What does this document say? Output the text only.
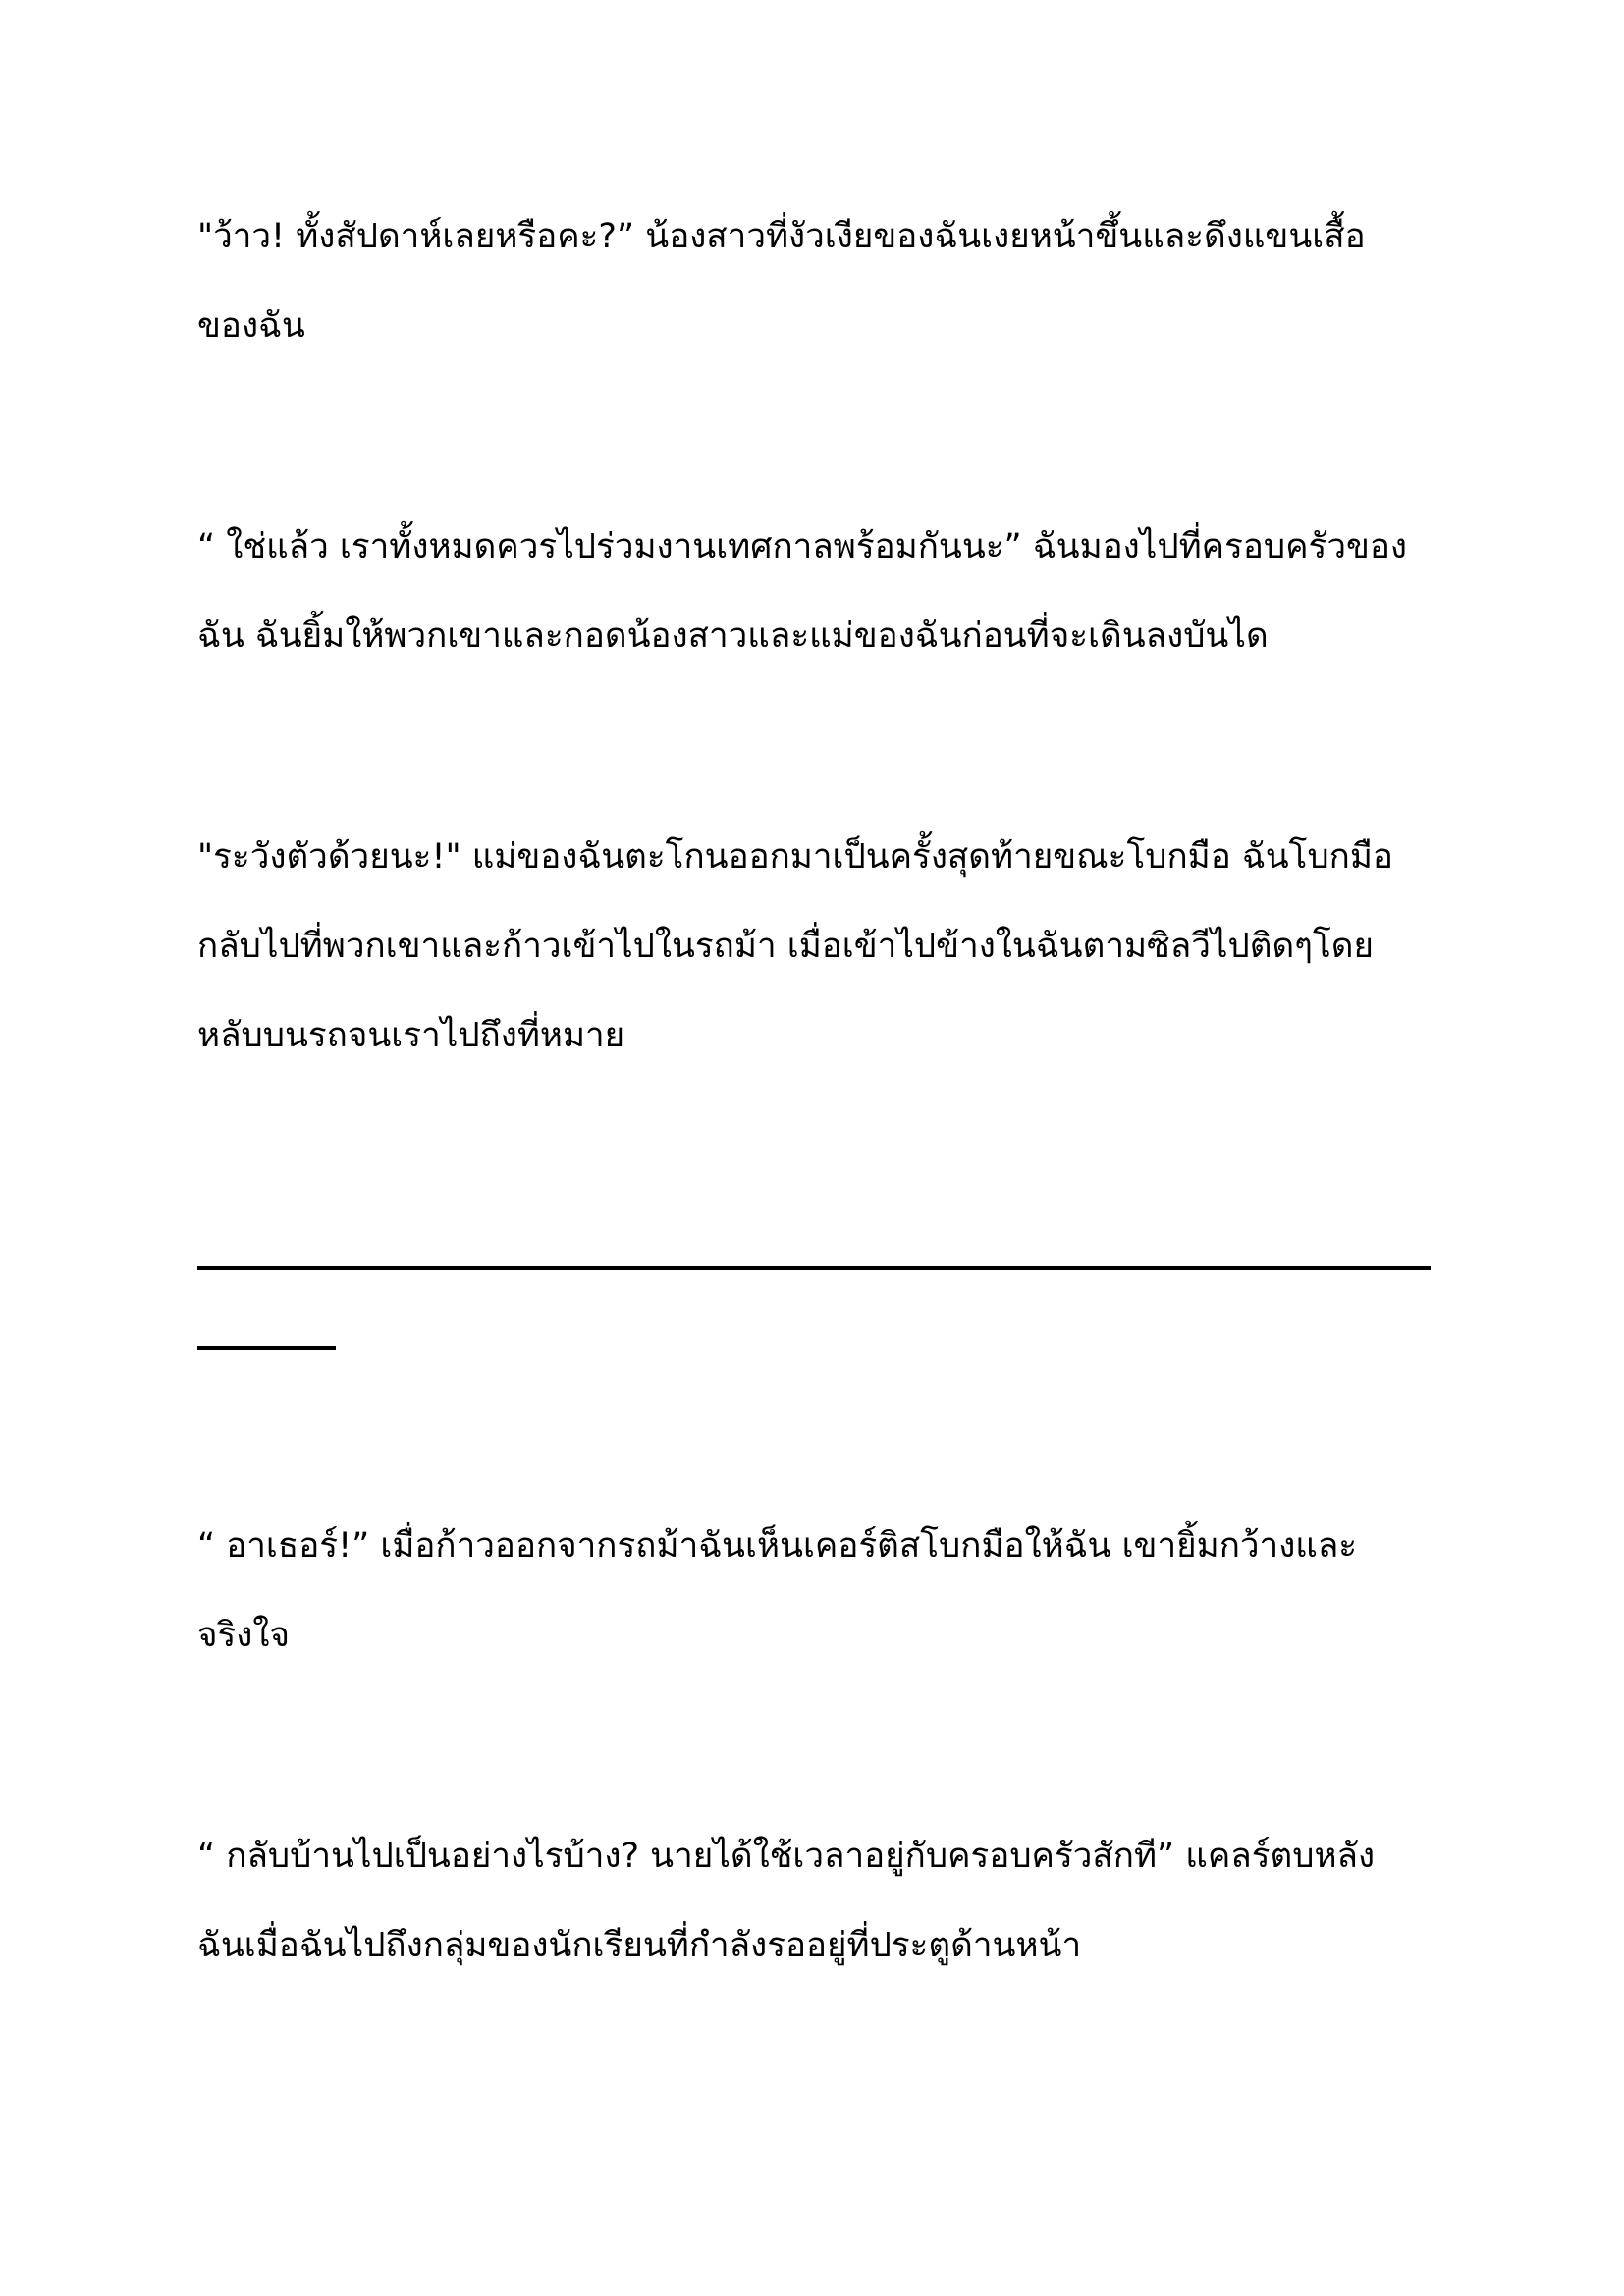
"ว้าว! ทั้งสัปดาห์เลยหรือคะ?” น้องสาวที่งัวเงียของฉันเงยหน้าขึ้นและดึงแขนเสื้อ
ของฉัน

“ ใช่แล้ว เราทั้งหมดควรไปร่วมงานเทศกาลพร้อมกันนะ” ฉันมองไปที่ครอบครัวของ
ฉัน ฉันยิ้มให้พวกเขาและกอดน้องสาวและแม่ของฉันก่อนที่จะเดินลงบันได

"ระวังตัวด้วยนะ!" แม่ของฉันตะโกนออกมาเป็นครั้งสุดท้ายขณะโบกมือ ฉันโบกมือ
กลับไปที่พวกเขาและก้าวเข้าไปในรถม้า เมื่อเข้าไปข้างในฉันตามซิลวีไปติดๆโดย
หลับบนรถจนเราไปถึงที่หมาย

“ อาเธอร์!” เมื่อก้าวออกจากรถม้าฉันเห็นเคอร์ติสโบกมือให้ฉัน เขายิ้มกว้างและ
จริงใจ

“ กลับบ้านไปเป็นอย่างไรบ้าง? นายได้ใช้เวลาอยู่กับครอบครัวสักที” แคลร์ตบหลัง
ฉันเมื่อฉันไปถึงกลุ่มของนักเรียนที่กำลังรออยู่ที่ประตูด้านหน้า
